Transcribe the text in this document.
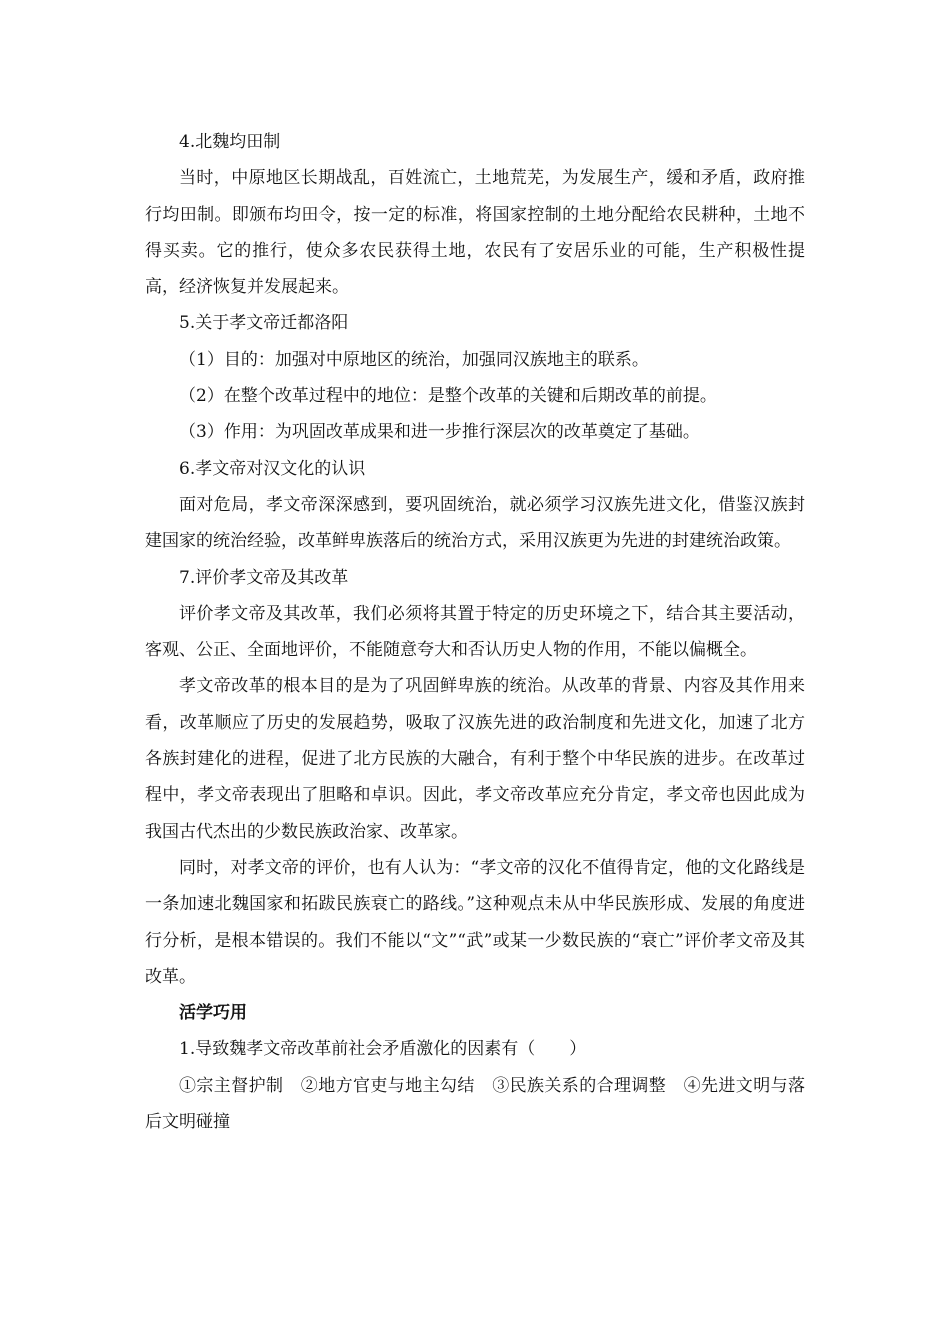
4.北魏均田制

当时，中原地区长期战乱，百姓流亡，土地荒芜，为发展生产，缓和矛盾，政府推行均田制。即颁布均田令，按一定的标准，将国家控制的土地分配给农民耕种，土地不得买卖。它的推行，使众多农民获得土地，农民有了安居乐业的可能，生产积极性提高，经济恢复并发展起来。

5.关于孝文帝迁都洛阳

（1）目的：加强对中原地区的统治，加强同汉族地主的联系。

（2）在整个改革过程中的地位：是整个改革的关键和后期改革的前提。

（3）作用：为巩固改革成果和进一步推行深层次的改革奠定了基础。

6.孝文帝对汉文化的认识

面对危局，孝文帝深深感到，要巩固统治，就必须学习汉族先进文化，借鉴汉族封建国家的统治经验，改革鲜卑族落后的统治方式，采用汉族更为先进的封建统治政策。

7.评价孝文帝及其改革

评价孝文帝及其改革，我们必须将其置于特定的历史环境之下，结合其主要活动，客观、公正、全面地评价，不能随意夸大和否认历史人物的作用，不能以偏概全。

孝文帝改革的根本目的是为了巩固鲜卑族的统治。从改革的背景、内容及其作用来看，改革顺应了历史的发展趋势，吸取了汉族先进的政治制度和先进文化，加速了北方各族封建化的进程，促进了北方民族的大融合，有利于整个中华民族的进步。在改革过程中，孝文帝表现出了胆略和卓识。因此，孝文帝改革应充分肯定，孝文帝也因此成为我国古代杰出的少数民族政治家、改革家。

同时，对孝文帝的评价，也有人认为：“孝文帝的汉化不值得肯定，他的文化路线是一条加速北魏国家和拓跋民族衰亡的路线。”这种观点未从中华民族形成、发展的角度进行分析，是根本错误的。我们不能以“文”“武”或某一少数民族的“衰亡”评价孝文帝及其改革。

活学巧用

1.导致魏孝文帝改革前社会矛盾激化的因素有（　　）

①宗主督护制　②地方官吏与地主勾结　③民族关系的合理调整　④先进文明与落后文明碰撞
